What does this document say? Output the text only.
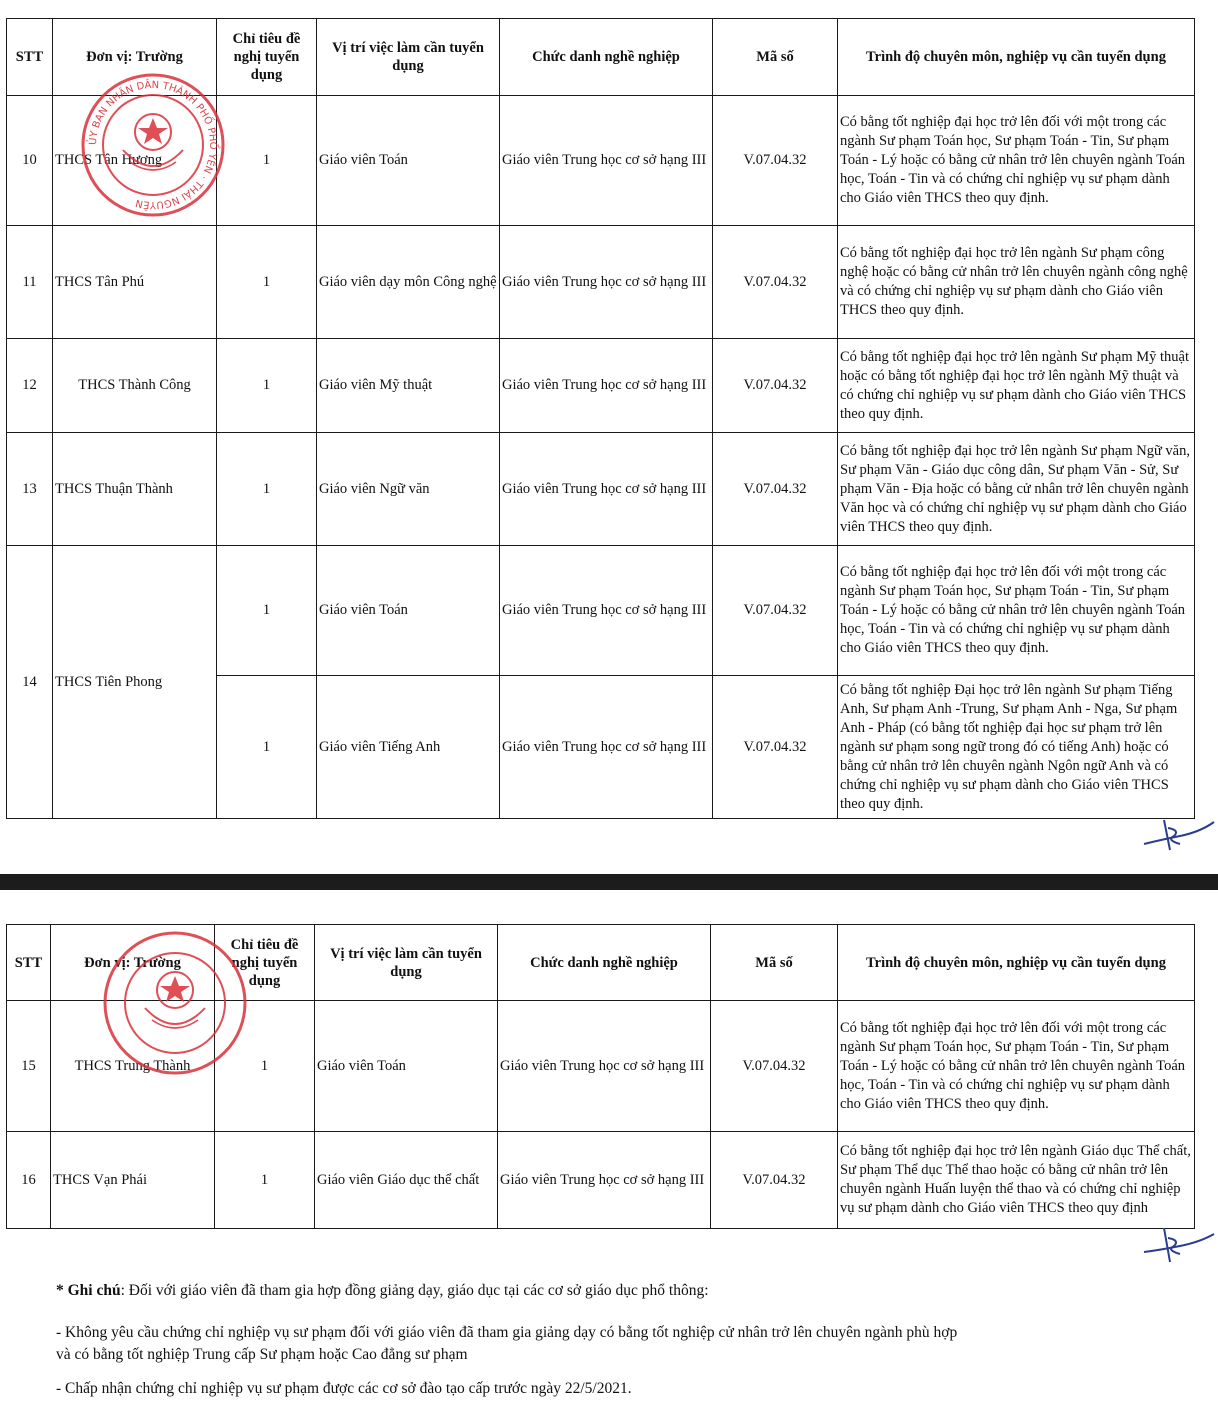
STT	Đơn vị: Trường	Chỉ tiêu đề nghị tuyển dụng	Vị trí việc làm cần tuyển dụng	Chức danh nghề nghiệp	Mã số	Trình độ chuyên môn, nghiệp vụ cần tuyển dụng
10	THCS Tân Hương	1	Giáo viên Toán	Giáo viên Trung học cơ sở hạng III	V.07.04.32	Có bằng tốt nghiệp đại học trở lên đối với một trong các ngành Sư phạm Toán học, Sư phạm Toán - Tin, Sư phạm Toán - Lý hoặc có bằng cử nhân trở lên chuyên ngành Toán học, Toán - Tin và có chứng chỉ nghiệp vụ sư phạm dành cho Giáo viên THCS theo quy định.
11	THCS Tân Phú	1	Giáo viên dạy môn Công nghệ	Giáo viên Trung học cơ sở hạng III	V.07.04.32	Có bằng tốt nghiệp đại học trở lên ngành Sư phạm công nghệ hoặc có bằng cử nhân trở lên chuyên ngành công nghệ và có chứng chỉ nghiệp vụ sư phạm dành cho Giáo viên THCS theo quy định.
12	THCS Thành Công	1	Giáo viên Mỹ thuật	Giáo viên Trung học cơ sở hạng III	V.07.04.32	Có bằng tốt nghiệp đại học trở lên ngành Sư phạm Mỹ thuật hoặc có bằng tốt nghiệp đại học trở lên ngành Mỹ thuật và có chứng chỉ nghiệp vụ sư phạm dành cho Giáo viên THCS theo quy định.
13	THCS Thuận Thành	1	Giáo viên Ngữ văn	Giáo viên Trung học cơ sở hạng III	V.07.04.32	Có bằng tốt nghiệp đại học trở lên ngành Sư phạm Ngữ văn, Sư phạm Văn - Giáo dục công dân, Sư phạm Văn - Sử, Sư phạm Văn - Địa hoặc có bằng cử nhân trở lên chuyên ngành Văn học và có chứng chỉ nghiệp vụ sư phạm dành cho Giáo viên THCS theo quy định.
14	THCS Tiên Phong	1	Giáo viên Toán	Giáo viên Trung học cơ sở hạng III	V.07.04.32	Có bằng tốt nghiệp đại học trở lên đối với một trong các ngành Sư phạm Toán học, Sư phạm Toán - Tin, Sư phạm Toán - Lý hoặc có bằng cử nhân trở lên chuyên ngành Toán học, Toán - Tin và có chứng chỉ nghiệp vụ sư phạm dành cho Giáo viên THCS theo quy định.
		1	Giáo viên Tiếng Anh	Giáo viên Trung học cơ sở hạng III	V.07.04.32	Có bằng tốt nghiệp Đại học trở lên ngành Sư phạm Tiếng Anh, Sư phạm Anh -Trung, Sư phạm Anh - Nga, Sư phạm Anh - Pháp (có bằng tốt nghiệp đại học sư phạm trở lên ngành sư phạm song ngữ trong đó có tiếng Anh) hoặc có bằng cử nhân trở lên chuyên ngành Ngôn ngữ Anh và có chứng chỉ nghiệp vụ sư phạm dành cho Giáo viên THCS theo quy định.
ỦY BAN NHÂN DÂN THÀNH PHỐ PHỔ YÊN · THÁI NGUYÊN
STT	Đơn vị: Trường	Chỉ tiêu đề nghị tuyển dụng	Vị trí việc làm cần tuyển dụng	Chức danh nghề nghiệp	Mã số	Trình độ chuyên môn, nghiệp vụ cần tuyển dụng
15	THCS Trung Thành	1	Giáo viên Toán	Giáo viên Trung học cơ sở hạng III	V.07.04.32	Có bằng tốt nghiệp đại học trở lên đối với một trong các ngành Sư phạm Toán học, Sư phạm Toán - Tin, Sư phạm Toán - Lý hoặc có bằng cử nhân trở lên chuyên ngành Toán học, Toán - Tin và có chứng chỉ nghiệp vụ sư phạm dành cho Giáo viên THCS theo quy định.
16	THCS Vạn Phái	1	Giáo viên Giáo dục thể chất	Giáo viên Trung học cơ sở hạng III	V.07.04.32	Có bằng tốt nghiệp đại học trở lên ngành Giáo dục Thể chất, Sư phạm Thể dục Thể thao hoặc có bằng cử nhân trở lên chuyên ngành Huấn luyện thể thao và có chứng chỉ nghiệp vụ sư phạm dành cho Giáo viên THCS theo quy định
* Ghi chú: Đối với giáo viên đã tham gia hợp đồng giảng dạy, giáo dục tại các cơ sở giáo dục phổ thông:
- Không yêu cầu chứng chỉ nghiệp vụ sư phạm đối với giáo viên đã tham gia giảng dạy có bằng tốt nghiệp cử nhân trở lên chuyên ngành phù hợp
và có bằng tốt nghiệp Trung cấp Sư phạm hoặc Cao đẳng sư phạm
- Chấp nhận chứng chỉ nghiệp vụ sư phạm được các cơ sở đào tạo cấp trước ngày 22/5/2021.
